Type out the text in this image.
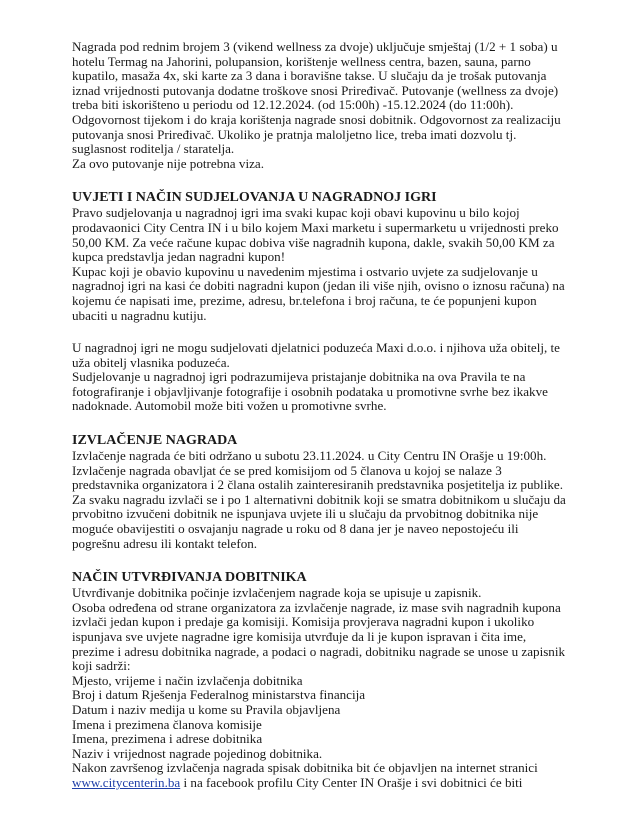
Nagrada pod rednim brojem 3 (vikend wellness za dvoje) uključuje smještaj (1/2 + 1 soba) u
hotelu Termag na Jahorini, polupansion, korištenje wellness centra, bazen, sauna, parno
kupatilo, masaža 4x, ski karte za 3 dana i boravišne takse. U slučaju da je trošak putovanja
iznad vrijednosti putovanja dodatne troškove snosi Priređivač. Putovanje (wellness za dvoje)
treba biti iskorišteno u periodu od 12.12.2024. (od 15:00h) -15.12.2024 (do 11:00h).
Odgovornost tijekom i do kraja korištenja nagrade snosi dobitnik. Odgovornost za realizaciju
putovanja snosi Priređivač. Ukoliko je pratnja maloljetno lice, treba imati dozvolu tj.
suglasnost roditelja / staratelja.
Za ovo putovanje nije potrebna viza.
UVJETI I NAČIN SUDJELOVANJA U NAGRADNOJ IGRI
Pravo sudjelovanja u nagradnoj igri ima svaki kupac koji obavi kupovinu u bilo kojoj
prodavaonici City Centra IN i u bilo kojem Maxi marketu i supermarketu u vrijednosti preko
50,00 KM. Za veće račune kupac dobiva više nagradnih kupona, dakle, svakih 50,00 KM za
kupca predstavlja jedan nagradni kupon!
Kupac koji je obavio kupovinu u navedenim mjestima i ostvario uvjete za sudjelovanje u
nagradnoj igri na kasi će dobiti nagradni kupon (jedan ili više njih, ovisno o iznosu računa) na
kojemu će napisati ime, prezime, adresu, br.telefona i broj računa, te će popunjeni kupon
ubaciti u nagradnu kutiju.
U nagradnoj igri ne mogu sudjelovati djelatnici poduzeća Maxi d.o.o. i njihova uža obitelj, te
uža obitelj vlasnika poduzeća.
Sudjelovanje u nagradnoj igri podrazumijeva pristajanje dobitnika na ova Pravila te na
fotografiranje i objavljivanje fotografije i osobnih podataka u promotivne svrhe bez ikakve
nadoknade. Automobil može biti vožen u promotivne svrhe.
IZVLAČENJE NAGRADA
Izvlačenje nagrada će biti održano u subotu 23.11.2024. u City Centru IN Orašje u 19:00h.
Izvlačenje nagrada obavljat će se pred komisijom od 5 članova u kojoj se nalaze 3
predstavnika organizatora i 2 člana ostalih zainteresiranih predstavnika posjetitelja iz publike.
Za svaku nagradu izvlači se i po 1 alternativni dobitnik koji se smatra dobitnikom u slučaju da
prvobitno izvučeni dobitnik ne ispunjava uvjete ili u slučaju da prvobitnog dobitnika nije
moguće obavijestiti o osvajanju nagrade u roku od 8 dana jer je naveo nepostojeću ili
pogrešnu adresu ili kontakt telefon.
NAČIN UTVRĐIVANJA DOBITNIKA
Utvrđivanje dobitnika počinje izvlačenjem nagrade koja se upisuje u zapisnik.
Osoba određena od strane organizatora za izvlačenje nagrade, iz mase svih nagradnih kupona
izvlači jedan kupon i predaje ga komisiji. Komisija provjerava nagradni kupon i ukoliko
ispunjava sve uvjete nagradne igre komisija utvrđuje da li je kupon ispravan i čita ime,
prezime i adresu dobitnika nagrade, a podaci o nagradi, dobitniku nagrade se unose u zapisnik
koji sadrži:
Mjesto, vrijeme i način izvlačenja dobitnika
Broj i datum Rješenja Federalnog ministarstva financija
Datum i naziv medija u kome su Pravila objavljena
Imena i prezimena članova komisije
Imena, prezimena i adrese dobitnika
Naziv i vrijednost nagrade pojedinog dobitnika.
Nakon završenog izvlačenja nagrada spisak dobitnika bit će objavljen na internet stranici
www.citycenterin.ba i na facebook profilu City Center IN Orašje i svi dobitnici će biti
